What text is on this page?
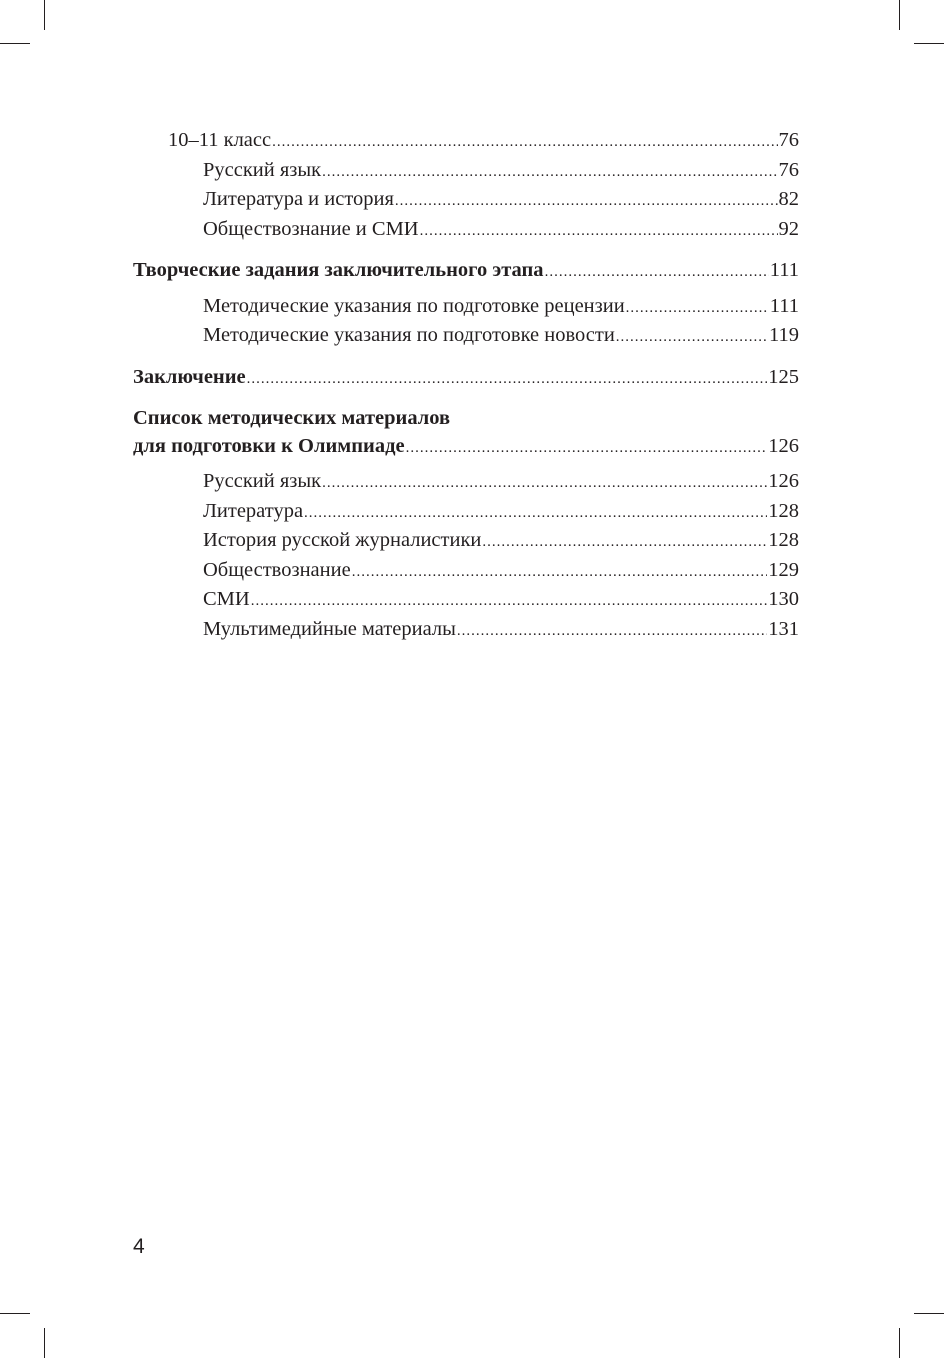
10–11 класс .....	76
Русский язык .....	76
Литература и история .....	82
Обществознание и СМИ .....	92
Творческие задания заключительного этапа .....	111
Методические указания по подготовке рецензии .....	111
Методические указания по подготовке новости .....	119
Заключение .....	125
Список методических материалов
для подготовки к Олимпиаде .....	126
Русский язык .....	126
Литература .....	128
История русской журналистики .....	128
Обществознание .....	129
СМИ .....	130
Мультимедийные материалы .....	131
4
